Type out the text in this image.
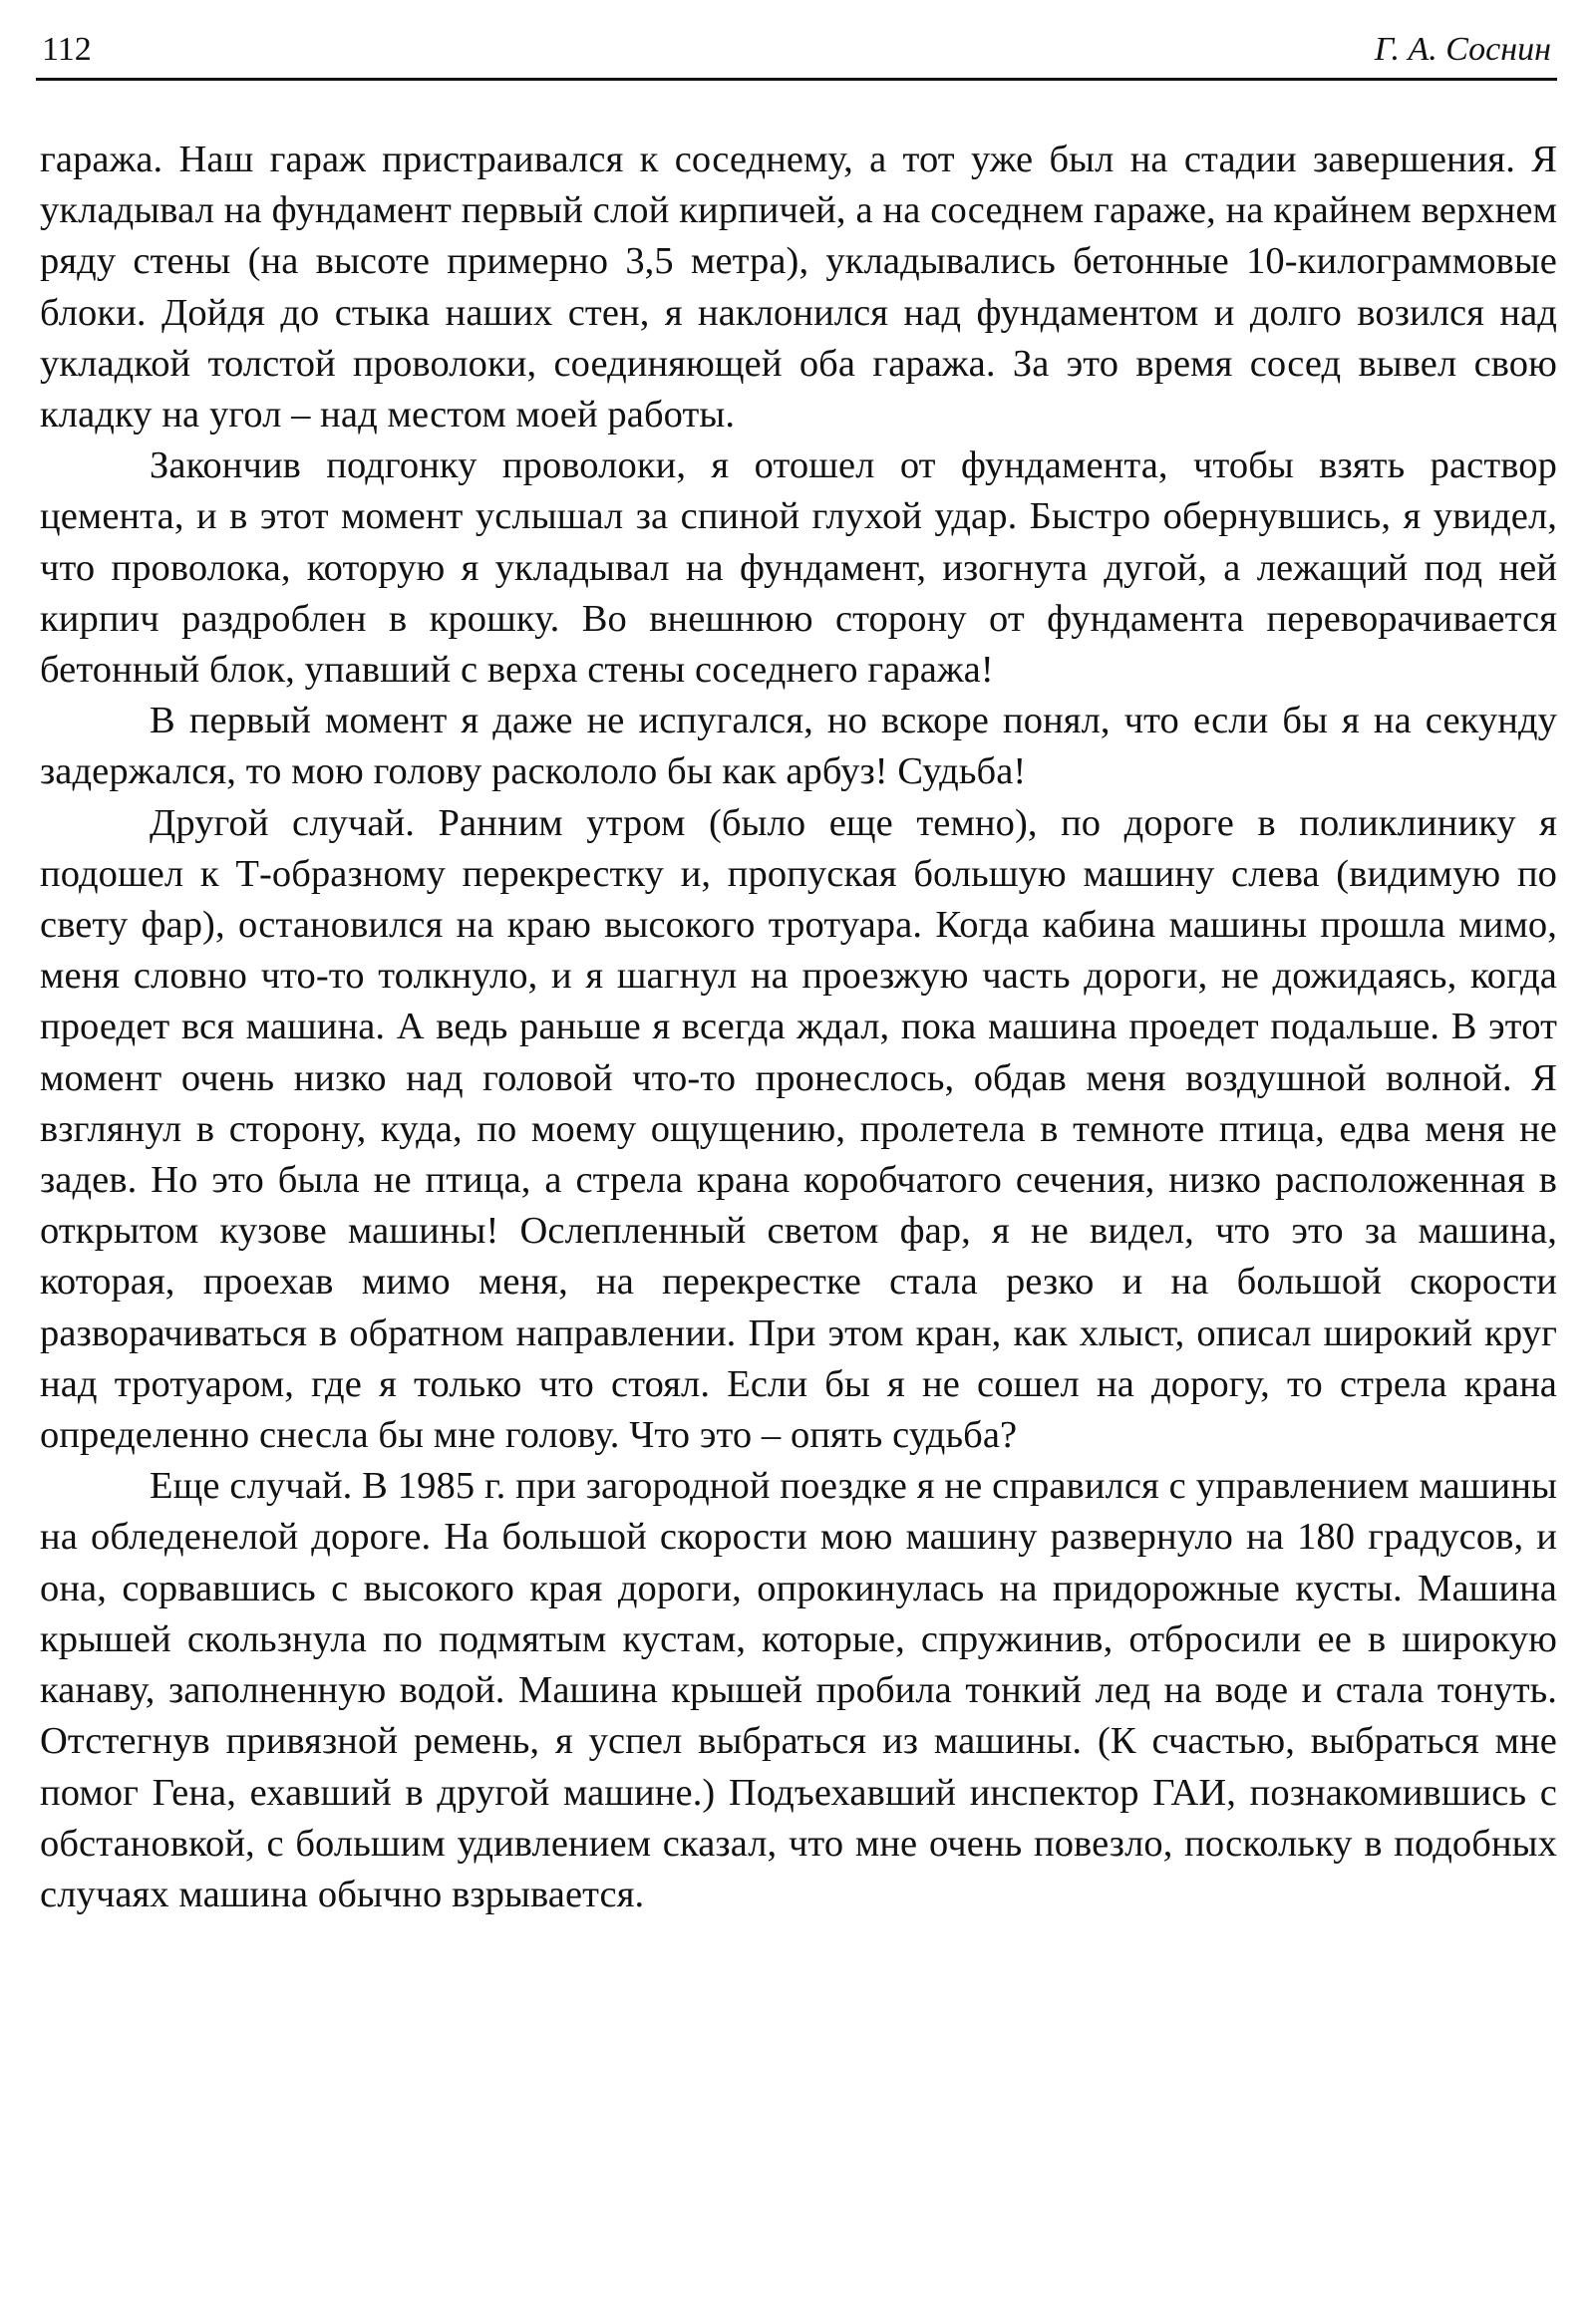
112	Г. А. Соснин

гаража. Наш гараж пристраивался к соседнему, а тот уже был на стадии завершения. Я укладывал на фундамент первый слой кирпичей, а на соседнем гараже, на крайнем верхнем ряду стены (на высоте примерно 3,5 метра), укладывались бетонные 10-килограммовые блоки. Дойдя до стыка наших стен, я наклонился над фундаментом и долго возился над укладкой толстой проволоки, соединяющей оба гаража. За это время сосед вывел свою кладку на угол – над местом моей работы.

Закончив подгонку проволоки, я отошел от фундамента, чтобы взять раствор цемента, и в этот момент услышал за спиной глухой удар. Быстро обернувшись, я увидел, что проволока, которую я укладывал на фундамент, изогнута дугой, а лежащий под ней кирпич раздроблен в крошку. Во внешнюю сторону от фундамента переворачивается бетонный блок, упавший с верха стены соседнего гаража!

В первый момент я даже не испугался, но вскоре понял, что если бы я на секунду задержался, то мою голову раскололо бы как арбуз! Судьба!

Другой случай. Ранним утром (было еще темно), по дороге в поликлинику я подошел к Т-образному перекрестку и, пропуская большую машину слева (видимую по свету фар), остановился на краю высокого тротуара. Когда кабина машины прошла мимо, меня словно что-то толкнуло, и я шагнул на проезжую часть дороги, не дожидаясь, когда проедет вся машина. А ведь раньше я всегда ждал, пока машина проедет подальше. В этот момент очень низко над головой что-то пронеслось, обдав меня воздушной волной. Я взглянул в сторону, куда, по моему ощущению, пролетела в темноте птица, едва меня не задев. Но это была не птица, а стрела крана коробчатого сечения, низко расположенная в открытом кузове машины! Ослепленный светом фар, я не видел, что это за машина, которая, проехав мимо меня, на перекрестке стала резко и на большой скорости разворачиваться в обратном направлении. При этом кран, как хлыст, описал широкий круг над тротуаром, где я только что стоял. Если бы я не сошел на дорогу, то стрела крана определенно снесла бы мне голову. Что это – опять судьба?

Еще случай. В 1985 г. при загородной поездке я не справился с управлением машины на обледенелой дороге. На большой скорости мою машину развернуло на 180 градусов, и она, сорвавшись с высокого края дороги, опрокинулась на придорожные кусты. Машина крышей скользнула по подмятым кустам, которые, спружинив, отбросили ее в широкую канаву, заполненную водой. Машина крышей пробила тонкий лед на воде и стала тонуть. Отстегнув привязной ремень, я успел выбраться из машины. (К счастью, выбраться мне помог Гена, ехавший в другой машине.) Подъехавший инспектор ГАИ, познакомившись с обстановкой, с большим удивлением сказал, что мне очень повезло, поскольку в подобных случаях машина обычно взрывается.
